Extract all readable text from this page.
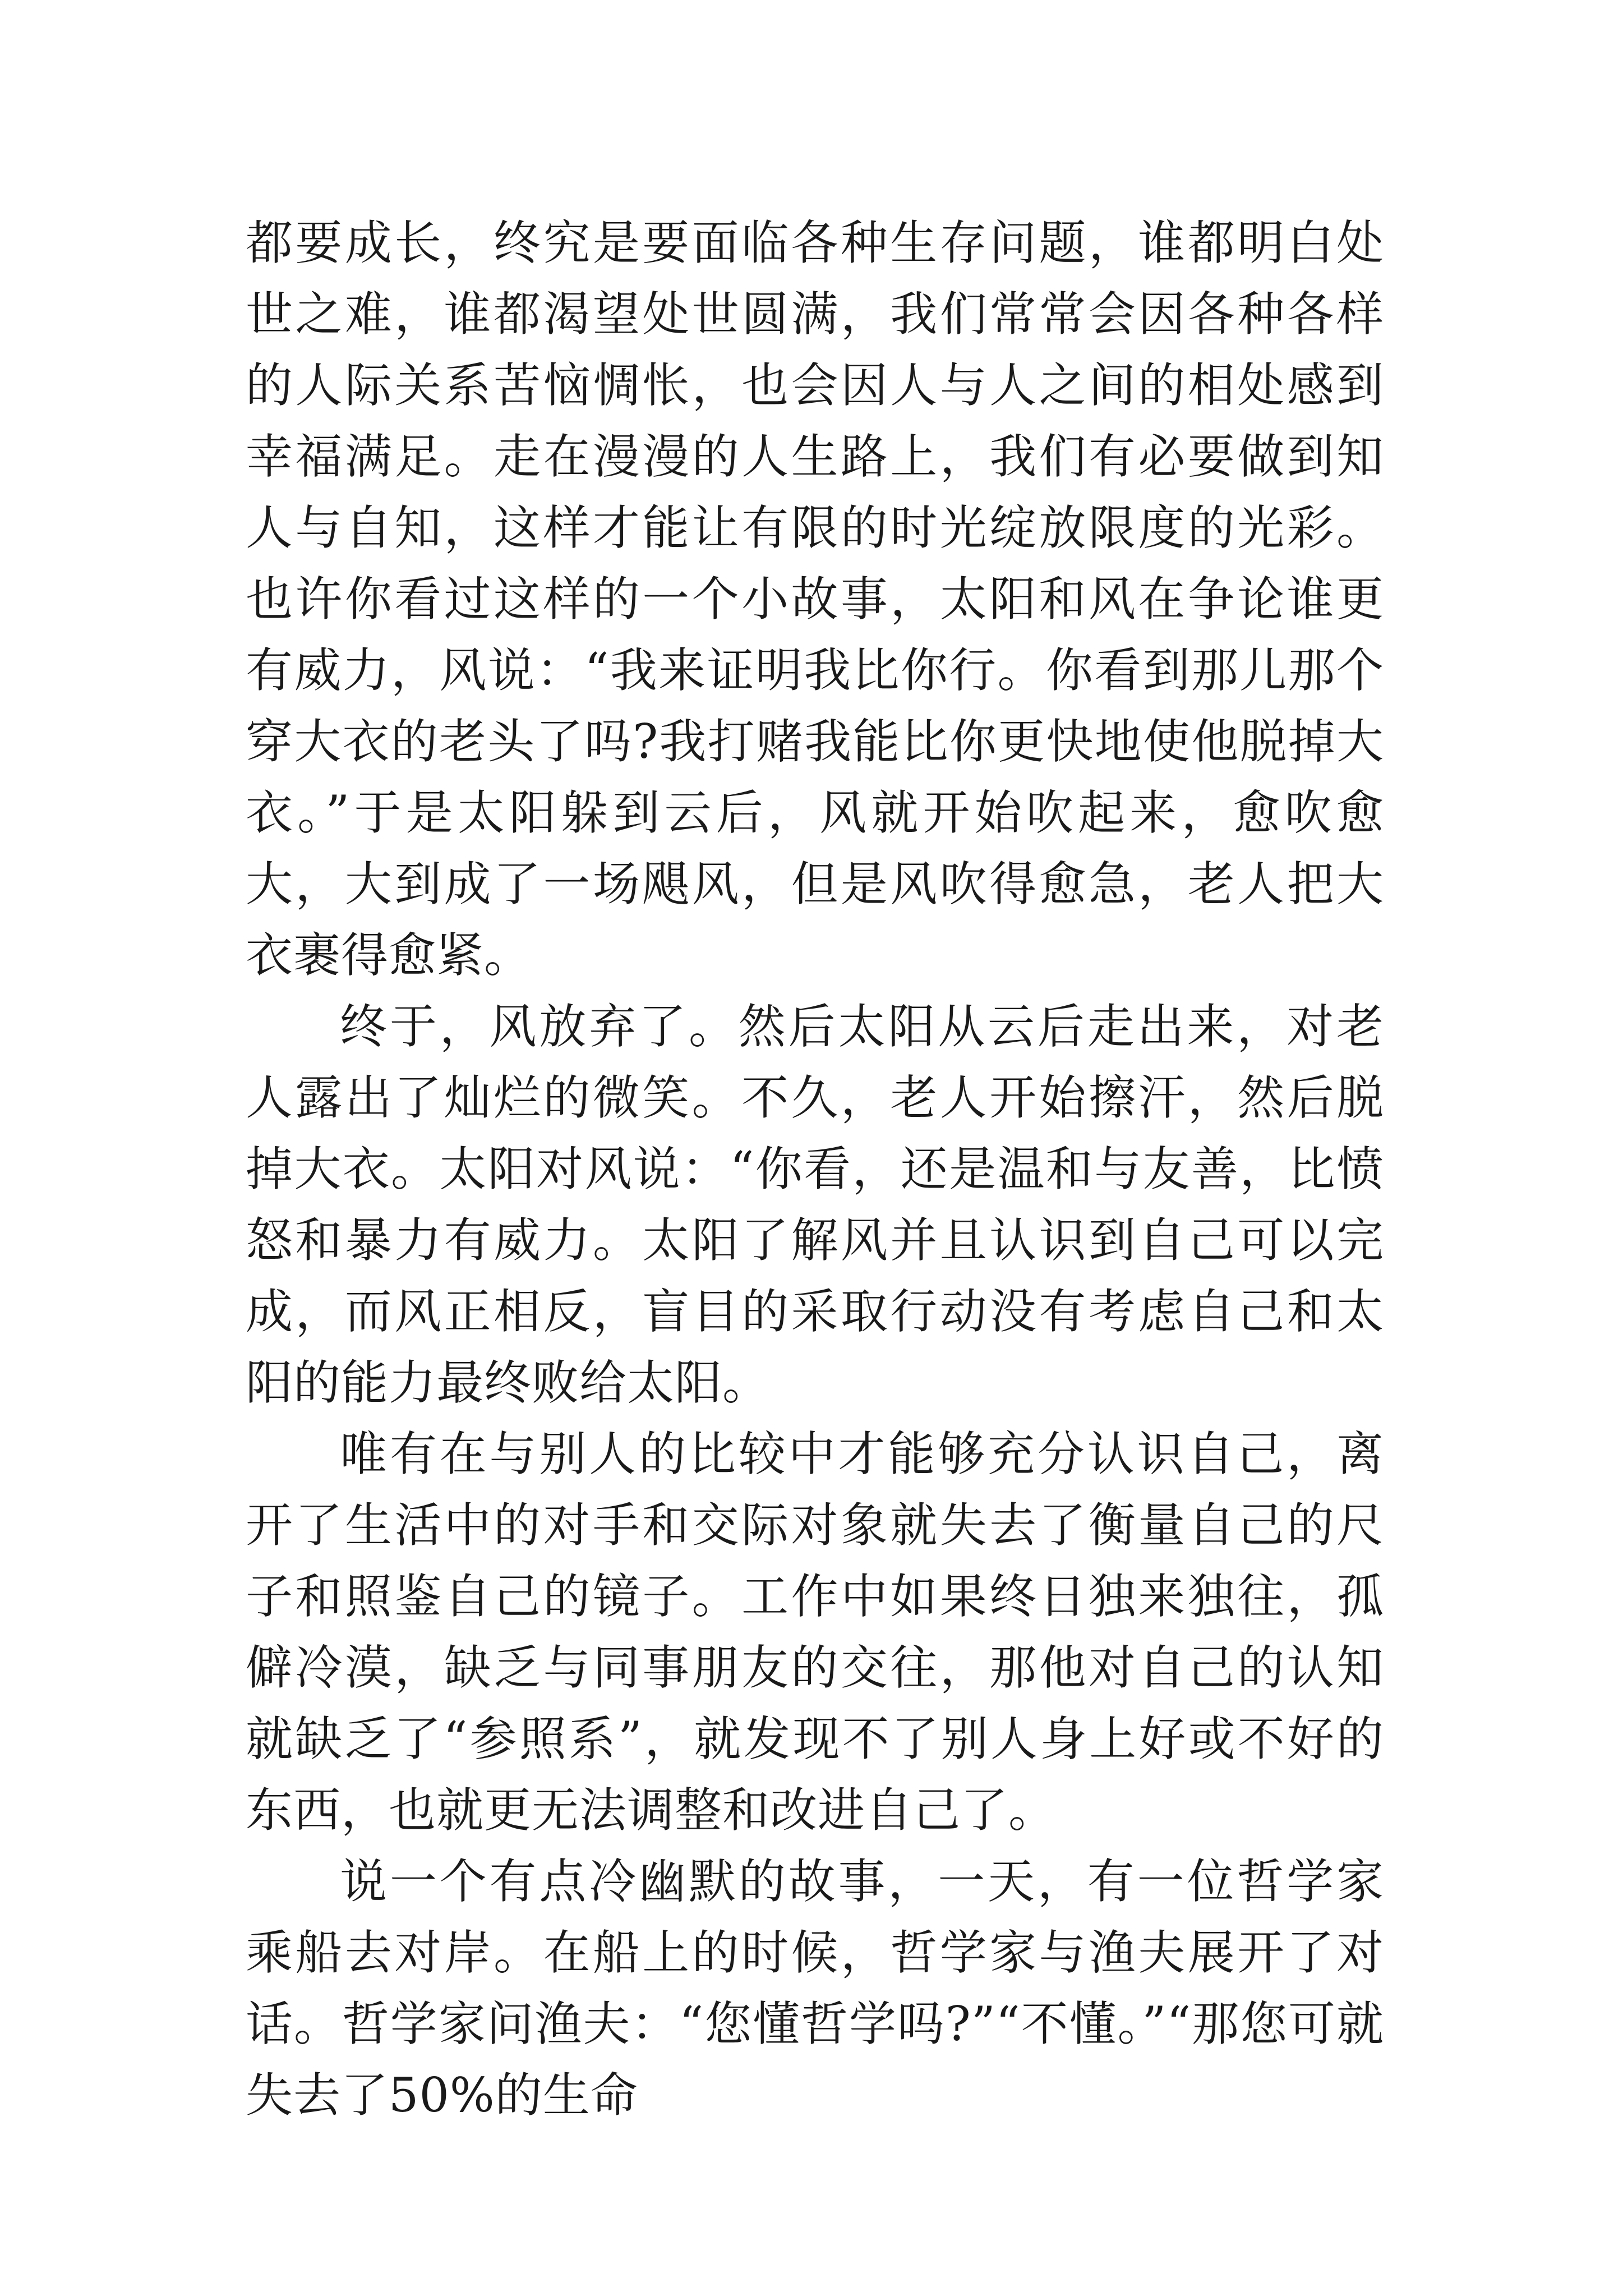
都要成长，终究是要面临各种生存问题，谁都明白处世之难，谁都渴望处世圆满，我们常常会因各种各样的人际关系苦恼惆怅，也会因人与人之间的相处感到幸福满足。走在漫漫的人生路上，我们有必要做到知人与自知，这样才能让有限的时光绽放限度的光彩。也许你看过这样的一个小故事，太阳和风在争论谁更有威力，风说：“我来证明我比你行。你看到那儿那个穿大衣的老头了吗?我打赌我能比你更快地使他脱掉大衣。”于是太阳躲到云后，风就开始吹起来，愈吹愈大，大到成了一场飓风，但是风吹得愈急，老人把大衣裹得愈紧。

终于，风放弃了。然后太阳从云后走出来，对老人露出了灿烂的微笑。不久，老人开始擦汗，然后脱掉大衣。太阳对风说：“你看，还是温和与友善，比愤怒和暴力有威力。太阳了解风并且认识到自己可以完成，而风正相反，盲目的采取行动没有考虑自己和太阳的能力最终败给太阳。

唯有在与别人的比较中才能够充分认识自己，离开了生活中的对手和交际对象就失去了衡量自己的尺子和照鉴自己的镜子。工作中如果终日独来独往，孤僻冷漠，缺乏与同事朋友的交往，那他对自己的认知就缺乏了“参照系”，就发现不了别人身上好或不好的东西，也就更无法调整和改进自己了。

说一个有点冷幽默的故事，一天，有一位哲学家乘船去对岸。在船上的时候，哲学家与渔夫展开了对话。哲学家问渔夫：“您懂哲学吗?”“不懂。”“那您可就失去了50%的生命
